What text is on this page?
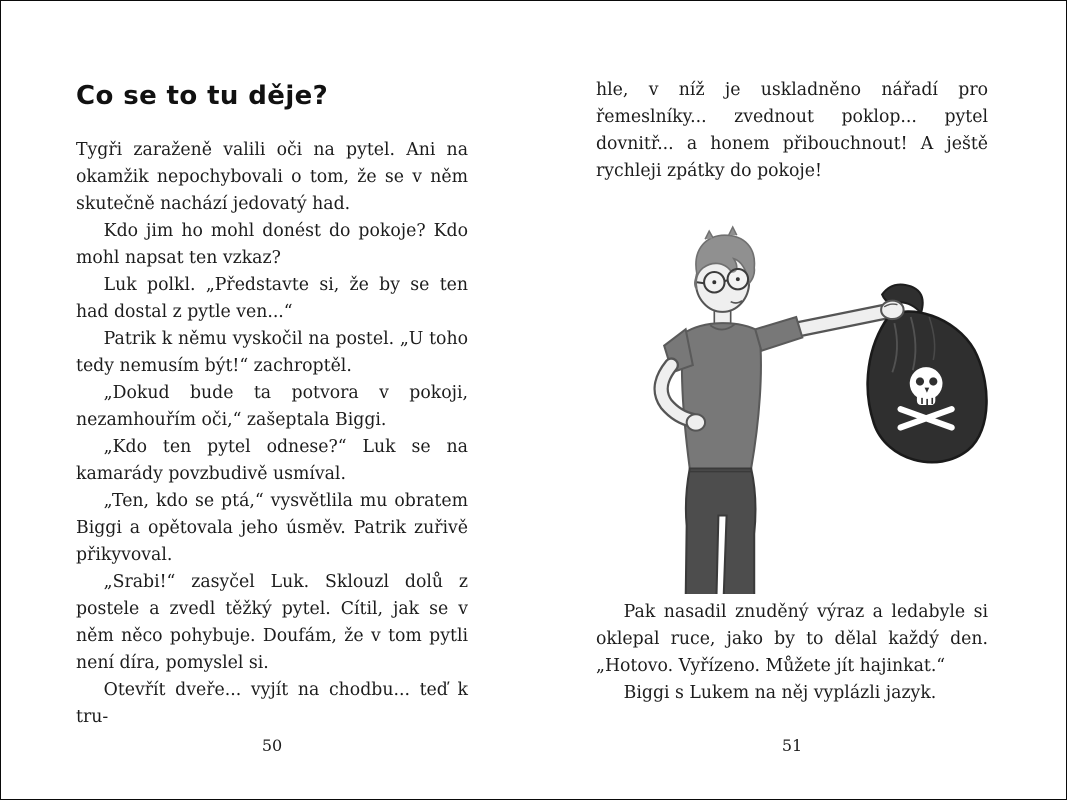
Co se to tu děje?

Tygři zaraženě valili oči na pytel. Ani na okamžik nepochybovali o tom, že se v něm skutečně nachází jedovatý had.

Kdo jim ho mohl donést do pokoje? Kdo mohl napsat ten vzkaz?

Luk polkl. „Představte si, že by se ten had dostal z pytle ven...“

Patrik k němu vyskočil na postel. „U toho tedy nemusím být!“ zachroptěl.

„Dokud bude ta potvora v pokoji, nezamhouřím oči,“ zašeptala Biggi.

„Kdo ten pytel odnese?“ Luk se na kamarády povzbudivě usmíval.

„Ten, kdo se ptá,“ vysvětlila mu obratem Biggi a opětovala jeho úsměv. Patrik zuřivě přikyvoval.

„Srabi!“ zasyčel Luk. Sklouzl dolů z postele a zvedl těžký pytel. Cítil, jak se v něm něco pohybuje. Doufám, že v tom pytli není díra, pomyslel si.

Otevřít dveře... vyjít na chodbu... teď k tru-

50

hle, v níž je uskladněno nářadí pro řemeslníky... zvednout poklop... pytel dovnitř... a honem přibouchnout! A ještě rychleji zpátky do pokoje!

Pak nasadil znuděný výraz a ledabyle si oklepal ruce, jako by to dělal každý den. „Hotovo. Vyřízeno. Můžete jít hajinkat.“

Biggi s Lukem na něj vyplázli jazyk.

51
